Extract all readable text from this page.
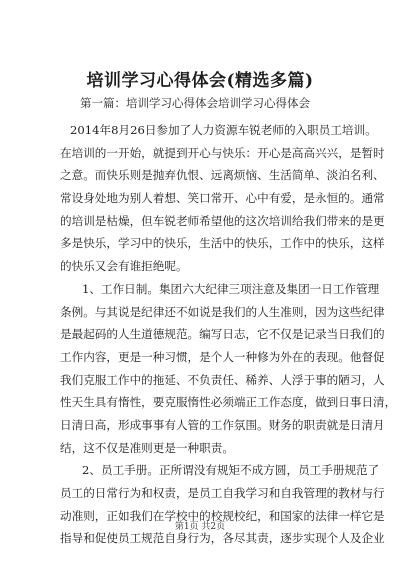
培训学习心得体会(精选多篇)
第一篇：培训学习心得体会培训学习心得体会
2014年8月26日参加了人力资源车锐老师的入职员工培训。
在培训的一开始，就提到开心与快乐：开心是高高兴兴，是暂时
之意。而快乐则是抛弃仇恨、远离烦恼、生活简单、淡泊名利、
常设身处地为别人着想、笑口常开、心中有爱，是永恒的。通常
的培训是枯燥，但车锐老师希望他的这次培训给我们带来的是更
多是快乐，学习中的快乐，生活中的快乐，工作中的快乐，这样
的快乐又会有谁拒绝呢。
1、工作日制。集团六大纪律三项注意及集团一日工作管理
条例。与其说是纪律还不如说是我们的人生准则，因为这些纪律
是最起码的人生道德规范。编写日志，它不仅是记录当日我们的
工作内容，更是一种习惯，是个人一种修为外在的表现。他督促
我们克服工作中的拖延、不负责任、稀养、人浮于事的陋习，人
性天生具有惰性，要克服惰性必须端正工作态度，做到日事日清，
日清日高，形成事事有人管的工作氛围。财务的职责就是日清月
结，这不仅是准则更是一种职责。
2、员工手册。正所谓没有规矩不成方圆，员工手册规范了
员工的日常行为和权责，是员工自我学习和自我管理的教材与行
动准则，正如我们在学校中的校规校纪，和国家的法律一样它是
指导和促使员工规范自身行为，各尽其责，逐步实现个人及企业
第1页 共2页
